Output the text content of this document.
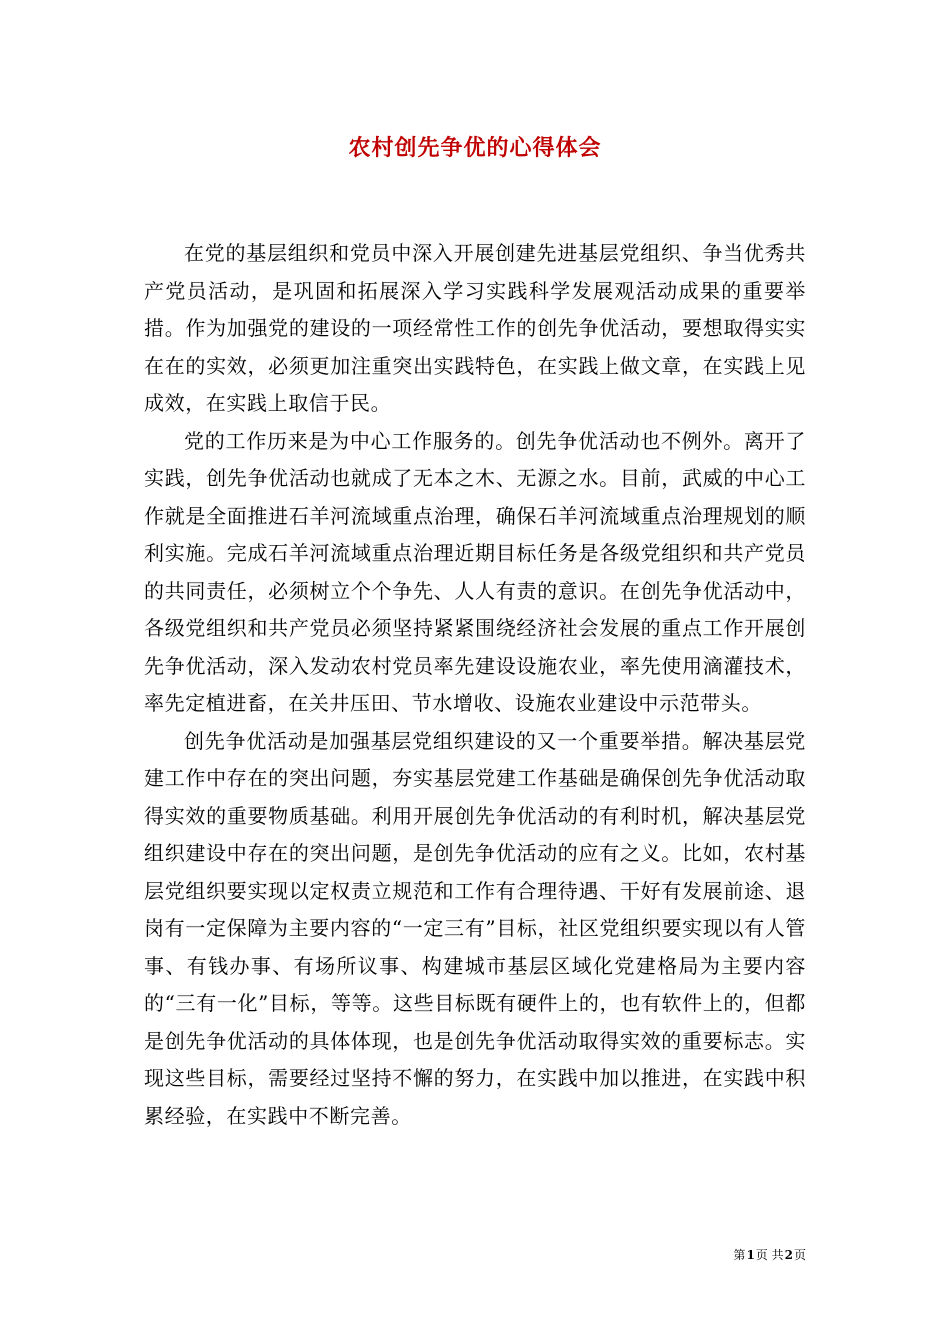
农村创先争优的心得体会

在党的基层组织和党员中深入开展创建先进基层党组织、争当优秀共产党员活动，是巩固和拓展深入学习实践科学发展观活动成果的重要举措。作为加强党的建设的一项经常性工作的创先争优活动，要想取得实实在在的实效，必须更加注重突出实践特色，在实践上做文章，在实践上见成效，在实践上取信于民。

党的工作历来是为中心工作服务的。创先争优活动也不例外。离开了实践，创先争优活动也就成了无本之木、无源之水。目前，武威的中心工作就是全面推进石羊河流域重点治理，确保石羊河流域重点治理规划的顺利实施。完成石羊河流域重点治理近期目标任务是各级党组织和共产党员的共同责任，必须树立个个争先、人人有责的意识。在创先争优活动中，各级党组织和共产党员必须坚持紧紧围绕经济社会发展的重点工作开展创先争优活动，深入发动农村党员率先建设设施农业，率先使用滴灌技术，率先定植进畜，在关井压田、节水增收、设施农业建设中示范带头。

创先争优活动是加强基层党组织建设的又一个重要举措。解决基层党建工作中存在的突出问题，夯实基层党建工作基础是确保创先争优活动取得实效的重要物质基础。利用开展创先争优活动的有利时机，解决基层党组织建设中存在的突出问题，是创先争优活动的应有之义。比如，农村基层党组织要实现以定权责立规范和工作有合理待遇、干好有发展前途、退岗有一定保障为主要内容的“一定三有”目标，社区党组织要实现以有人管事、有钱办事、有场所议事、构建城市基层区域化党建格局为主要内容的“三有一化”目标，等等。这些目标既有硬件上的，也有软件上的，但都是创先争优活动的具体体现，也是创先争优活动取得实效的重要标志。实现这些目标，需要经过坚持不懈的努力，在实践中加以推进，在实践中积累经验，在实践中不断完善。

第1页 共2页
